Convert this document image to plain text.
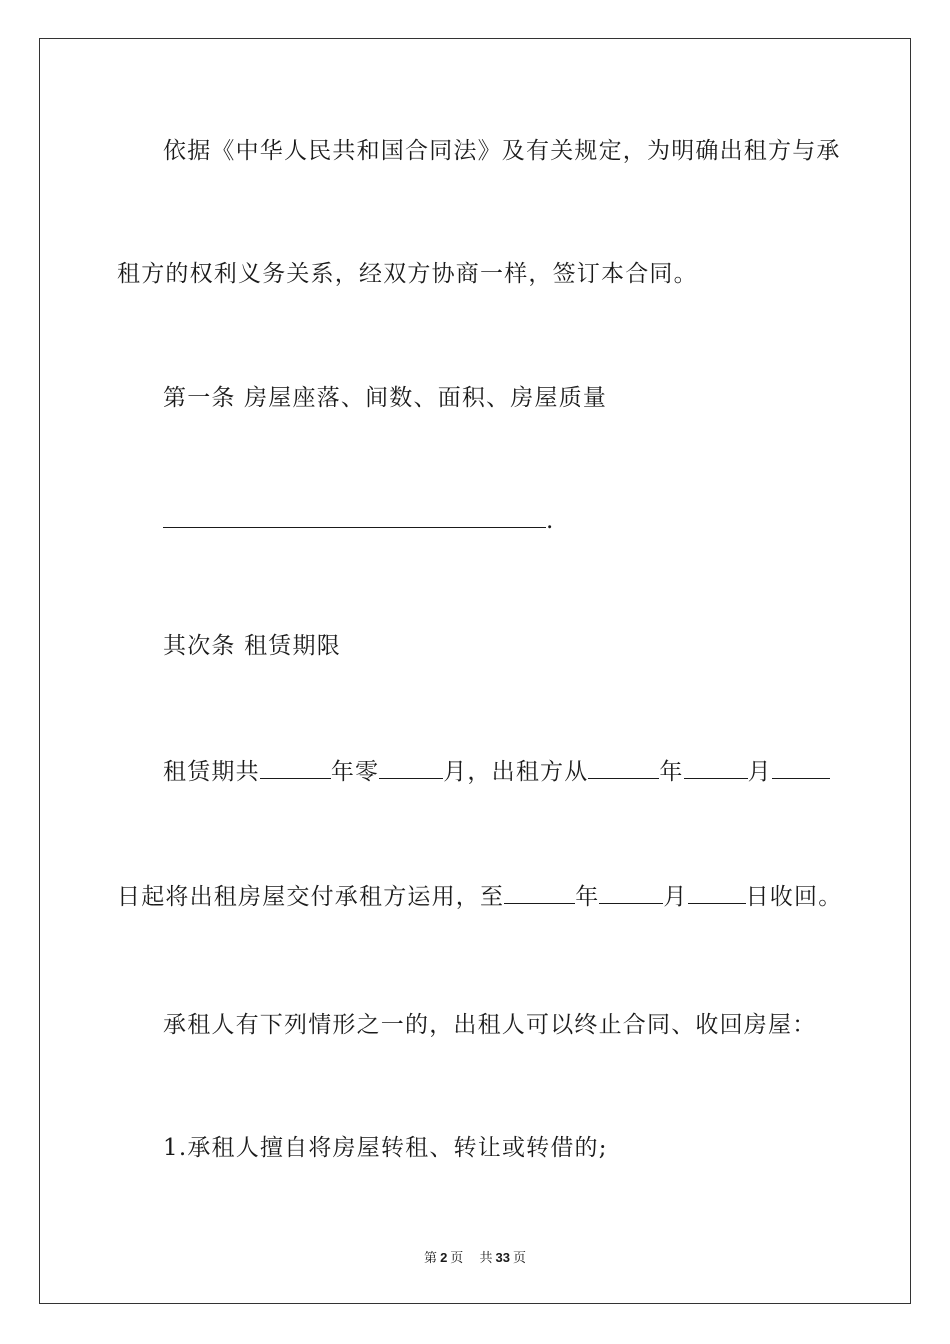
依据《中华人民共和国合同法》及有关规定，为明确出租方与承
租方的权利义务关系，经双方协商一样，签订本合同。
第一条 房屋座落、间数、面积、房屋质量
.
其次条 租赁期限
租赁期共	年零	月，出租方从	年	月
日起将出租房屋交付承租方运用，至	年	月	日收回。
承租人有下列情形之一的，出租人可以终止合同、收回房屋：
1.承租人擅自将房屋转租、转让或转借的;
第 2 页 共 33 页
